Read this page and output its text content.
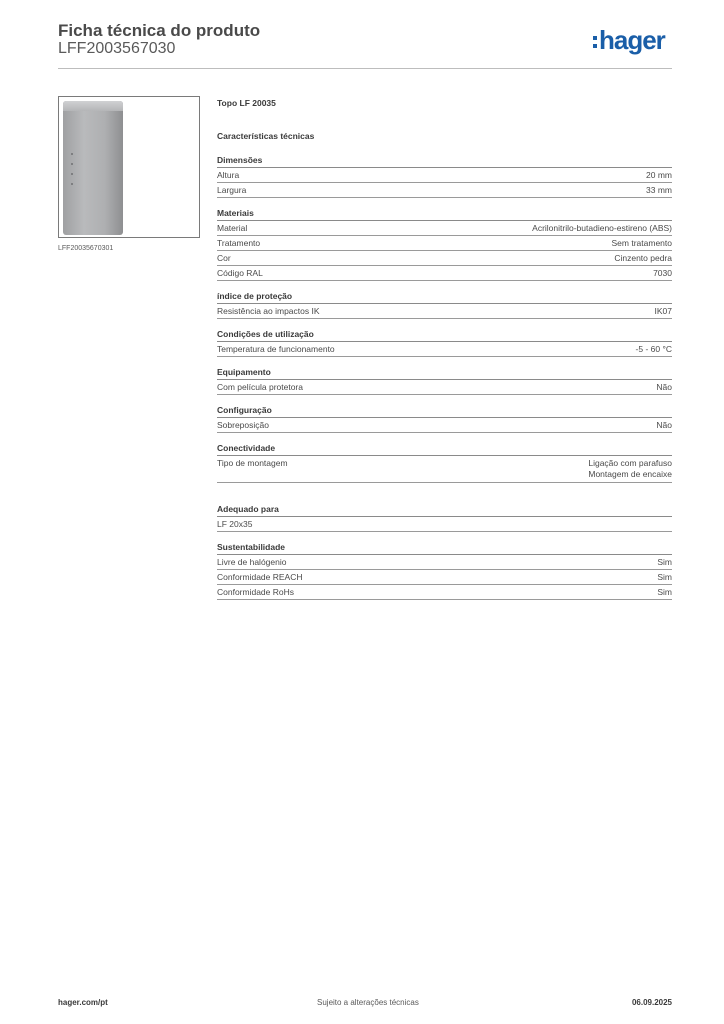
Ficha técnica do produto
LFF2003567030	hager
LFF20035670301
Topo LF 20035
Características técnicas
Dimensões
Altura	20 mm
Largura	33 mm
Materiais
Material	Acrilonitrilo-butadieno-estireno (ABS)
Tratamento	Sem tratamento
Cor	Cinzento pedra
Código RAL	7030
índice de proteção
Resistência ao impactos IK	IK07
Condições de utilização
Temperatura de funcionamento	-5 - 60 °C
Equipamento
Com película protetora	Não
Configuração
Sobreposição	Não
Conectividade
Tipo de montagem	Ligação com parafuso
Montagem de encaixe
Adequado para
LF 20x35
Sustentabilidade
Livre de halógenio	Sim
Conformidade REACH	Sim
Conformidade RoHs	Sim
hager.com/pt	Sujeito a alterações técnicas	06.09.2025
